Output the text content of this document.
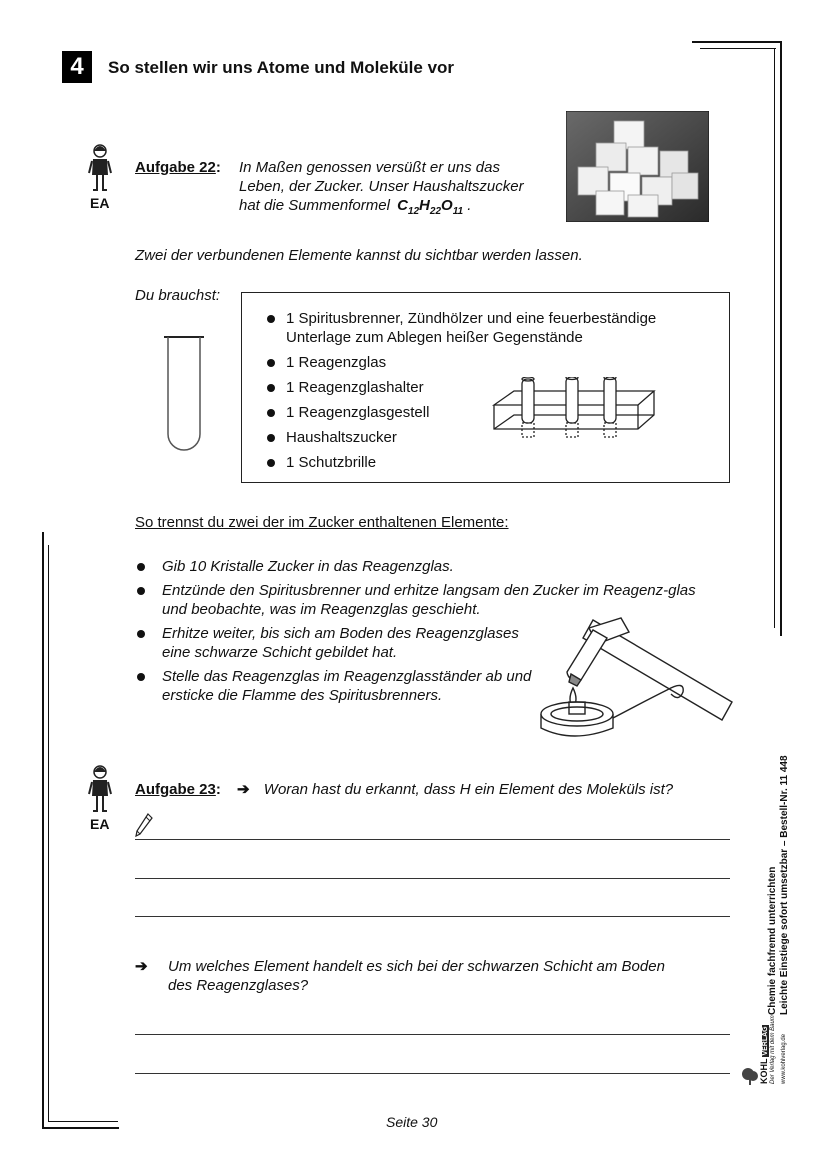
4	So stellen wir uns Atome und Moleküle vor
EA
Aufgabe 22: In Maßen genossen versüßt er uns das
Leben, der Zucker. Unser Haushaltszucker
hat die Summenformel $C_{12}H_{22}O_{11}$ .
Zwei der verbundenen Elemente kannst du sichtbar werden lassen.
Du brauchst:
1 Spiritusbrenner, Zündhölzer und eine feuerbeständige Unterlage zum Ablegen heißer Gegenstände
1 Reagenzglas
1 Reagenzglashalter
1 Reagenzglasgestell
Haushaltszucker
1 Schutzbrille
So trennst du zwei der im Zucker enthaltenen Elemente:
Gib 10 Kristalle Zucker in das Reagenzglas.
Entzünde den Spiritusbrenner und erhitze langsam den Zucker im Reagenz-glas und beobachte, was im Reagenzglas geschieht.
Erhitze weiter, bis sich am Boden des Reagenzglases eine schwarze Schicht gebildet hat.
Stelle das Reagenzglas im Reagenzglasständer ab und ersticke die Flamme des Spiritusbrenners.
EA
Aufgabe 23: ➔ Woran hast du erkannt, dass H ein Element des Moleküls ist?
➔ Um welches Element handelt es sich bei der schwarzen Schicht am Boden
des Reagenzglases?
Seite 30
Chemie fachfremd unterrichten Leichte Einstiege sofort umsetzbar – Bestell-Nr. 11 448
KOHL VERLAG Der Verlag mit dem Baum www.kohlverlag.de
